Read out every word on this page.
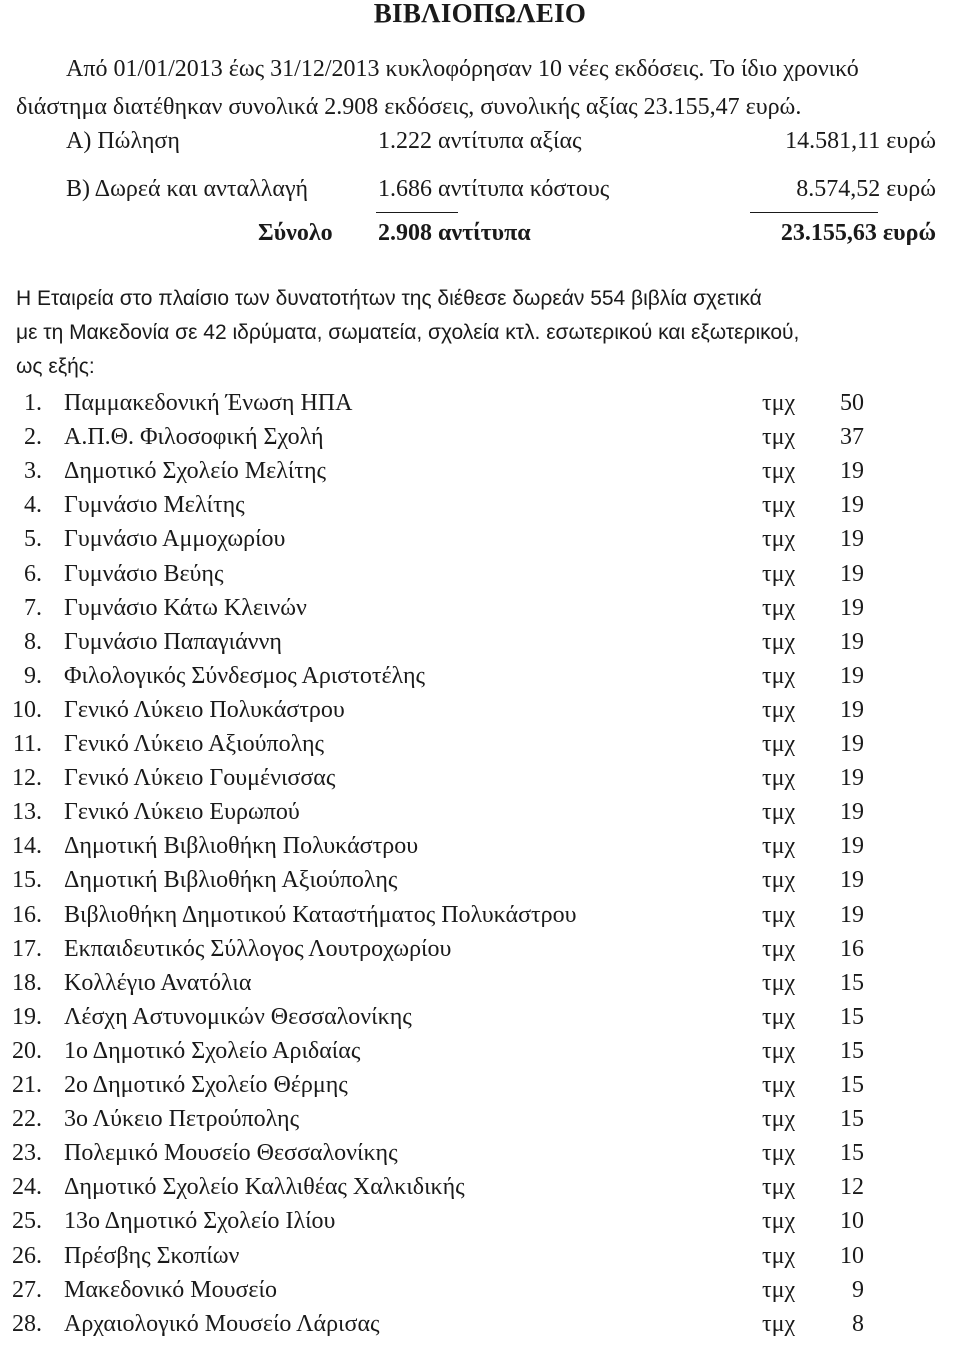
ΒΙΒΛΙΟΠΩΛΕΙΟ
Από 01/01/2013 έως 31/12/2013 κυκλοφόρησαν 10 νέες εκδόσεις. Το ίδιο χρονικό
διάστημα διατέθηκαν συνολικά 2.908 εκδόσεις, συνολικής αξίας 23.155,47 ευρώ.
Α) Πώληση	1.222 αντίτυπα αξίας	14.581,11 ευρώ
Β) Δωρεά και ανταλλαγή	1.686 αντίτυπα κόστους	8.574,52 ευρώ
Σύνολο 2.908 αντίτυπα	23.155,63 ευρώ
Η Εταιρεία στο πλαίσιο των δυνατοτήτων της διέθεσε δωρεάν 554 βιβλία σχετικά
με τη Μακεδονία σε 42 ιδρύματα, σωματεία, σχολεία κτλ. εσωτερικού και εξωτερικού,
ως εξής:
1. Παμμακεδονική Ένωση ΗΠΑ	τμχ	50
2. Α.Π.Θ. Φιλοσοφική Σχολή	τμχ	37
3. Δημοτικό Σχολείο Μελίτης	τμχ	19
4. Γυμνάσιο Μελίτης	τμχ	19
5. Γυμνάσιο Αμμοχωρίου	τμχ	19
6. Γυμνάσιο Βεύης	τμχ	19
7. Γυμνάσιο Κάτω Κλεινών	τμχ	19
8. Γυμνάσιο Παπαγιάννη	τμχ	19
9. Φιλολογικός Σύνδεσμος Αριστοτέλης	τμχ	19
10. Γενικό Λύκειο Πολυκάστρου	τμχ	19
11. Γενικό Λύκειο Αξιούπολης	τμχ	19
12. Γενικό Λύκειο Γουμένισσας	τμχ	19
13. Γενικό Λύκειο Ευρωπού	τμχ	19
14. Δημοτική Βιβλιοθήκη Πολυκάστρου	τμχ	19
15. Δημοτική Βιβλιοθήκη Αξιούπολης	τμχ	19
16. Βιβλιοθήκη Δημοτικού Καταστήματος Πολυκάστρου	τμχ	19
17. Εκπαιδευτικός Σύλλογος Λουτροχωρίου	τμχ	16
18. Κολλέγιο Ανατόλια	τμχ	15
19. Λέσχη Αστυνομικών Θεσσαλονίκης	τμχ	15
20. 1ο Δημοτικό Σχολείο Αριδαίας	τμχ	15
21. 2ο Δημοτικό Σχολείο Θέρμης	τμχ	15
22. 3ο Λύκειο Πετρούπολης	τμχ	15
23. Πολεμικό Μουσείο Θεσσαλονίκης	τμχ	15
24. Δημοτικό Σχολείο Καλλιθέας Χαλκιδικής	τμχ	12
25. 13ο Δημοτικό Σχολείο Ιλίου	τμχ	10
26. Πρέσβης Σκοπίων	τμχ	10
27. Μακεδονικό Μουσείο	τμχ	9
28. Αρχαιολογικό Μουσείο Λάρισας	τμχ	8
